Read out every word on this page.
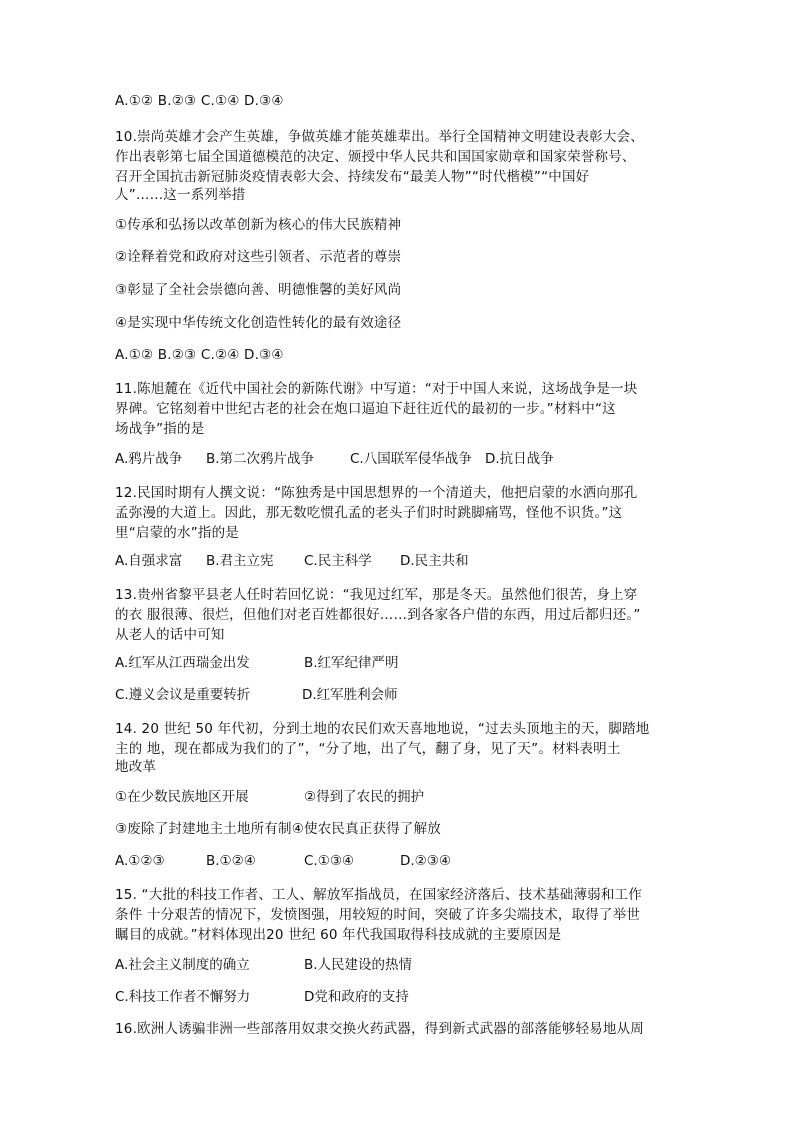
A.①② B.②③ C.①④ D.③④
10.崇尚英雄才会产生英雄，争做英雄才能英雄辈出。举行全国精神文明建设表彰大会、
作出表彰第七届全国道德模范的决定、颁授中华人民共和国国家勋章和国家荣誉称号、
召开全国抗击新冠肺炎疫情表彰大会、持续发布“最美人物”“时代楷模”“中国好
人”……这一系列举措
①传承和弘扬以改革创新为核心的伟大民族精神
②诠释着党和政府对这些引领者、示范者的尊崇
③彰显了全社会崇德向善、明德惟馨的美好风尚
④是实现中华传统文化创造性转化的最有效途径
A.①② B.②③ C.②④ D.③④
11.陈旭麓在《近代中国社会的新陈代谢》中写道：“对于中国人来说，这场战争是一块
界碑。它铭刻着中世纪古老的社会在炮口逼迫下赶往近代的最初的一步。”材料中“这
场战争”指的是
A.鸦片战争 B.第二次鸦片战争	C.八国联军侵华战争 D.抗日战争
12.民国时期有人撰文说：“陈独秀是中国思想界的一个清道夫，他把启蒙的水洒向那孔
孟弥漫的大道上。因此，那无数吃惯孔孟的老头子们时时跳脚痛骂，怪他不识货。”这
里“启蒙的水”指的是
A.自强求富 B.君主立宪 C.民主科学 D.民主共和
13.贵州省黎平县老人任时若回忆说：“我见过红军，那是冬天。虽然他们很苦，身上穿
的衣 服很薄、很烂，但他们对老百姓都很好……到各家各户借的东西，用过后都归还。”
从老人的话中可知
A.红军从江西瑞金出发	B.红军纪律严明
C.遵义会议是重要转折	D.红军胜利会师
14. 20 世纪 50 年代初，分到土地的农民们欢天喜地地说，“过去头顶地主的天，脚踏地
主的 地，现在都成为我们的了”，“分了地，出了气，翻了身，见了天”。材料表明土
地改革
①在少数民族地区开展	②得到了农民的拥护
③废除了封建地主土地所有制④使农民真正获得了解放
A.①②③	B.①②④	C.①③④	D.②③④
15. “大批的科技工作者、工人、解放军指战员，在国家经济落后、技术基础薄弱和工作
条件 十分艰苦的情况下，发愤图强，用较短的时间，突破了许多尖端技术，取得了举世
瞩目的成就。”材料体现出20 世纪 60 年代我国取得科技成就的主要原因是
A.社会主义制度的确立	B.人民建设的热情
C.科技工作者不懈努力	D党和政府的支持
16.欧洲人诱骗非洲一些部落用奴隶交换火药武器，得到新式武器的部落能够轻易地从周
